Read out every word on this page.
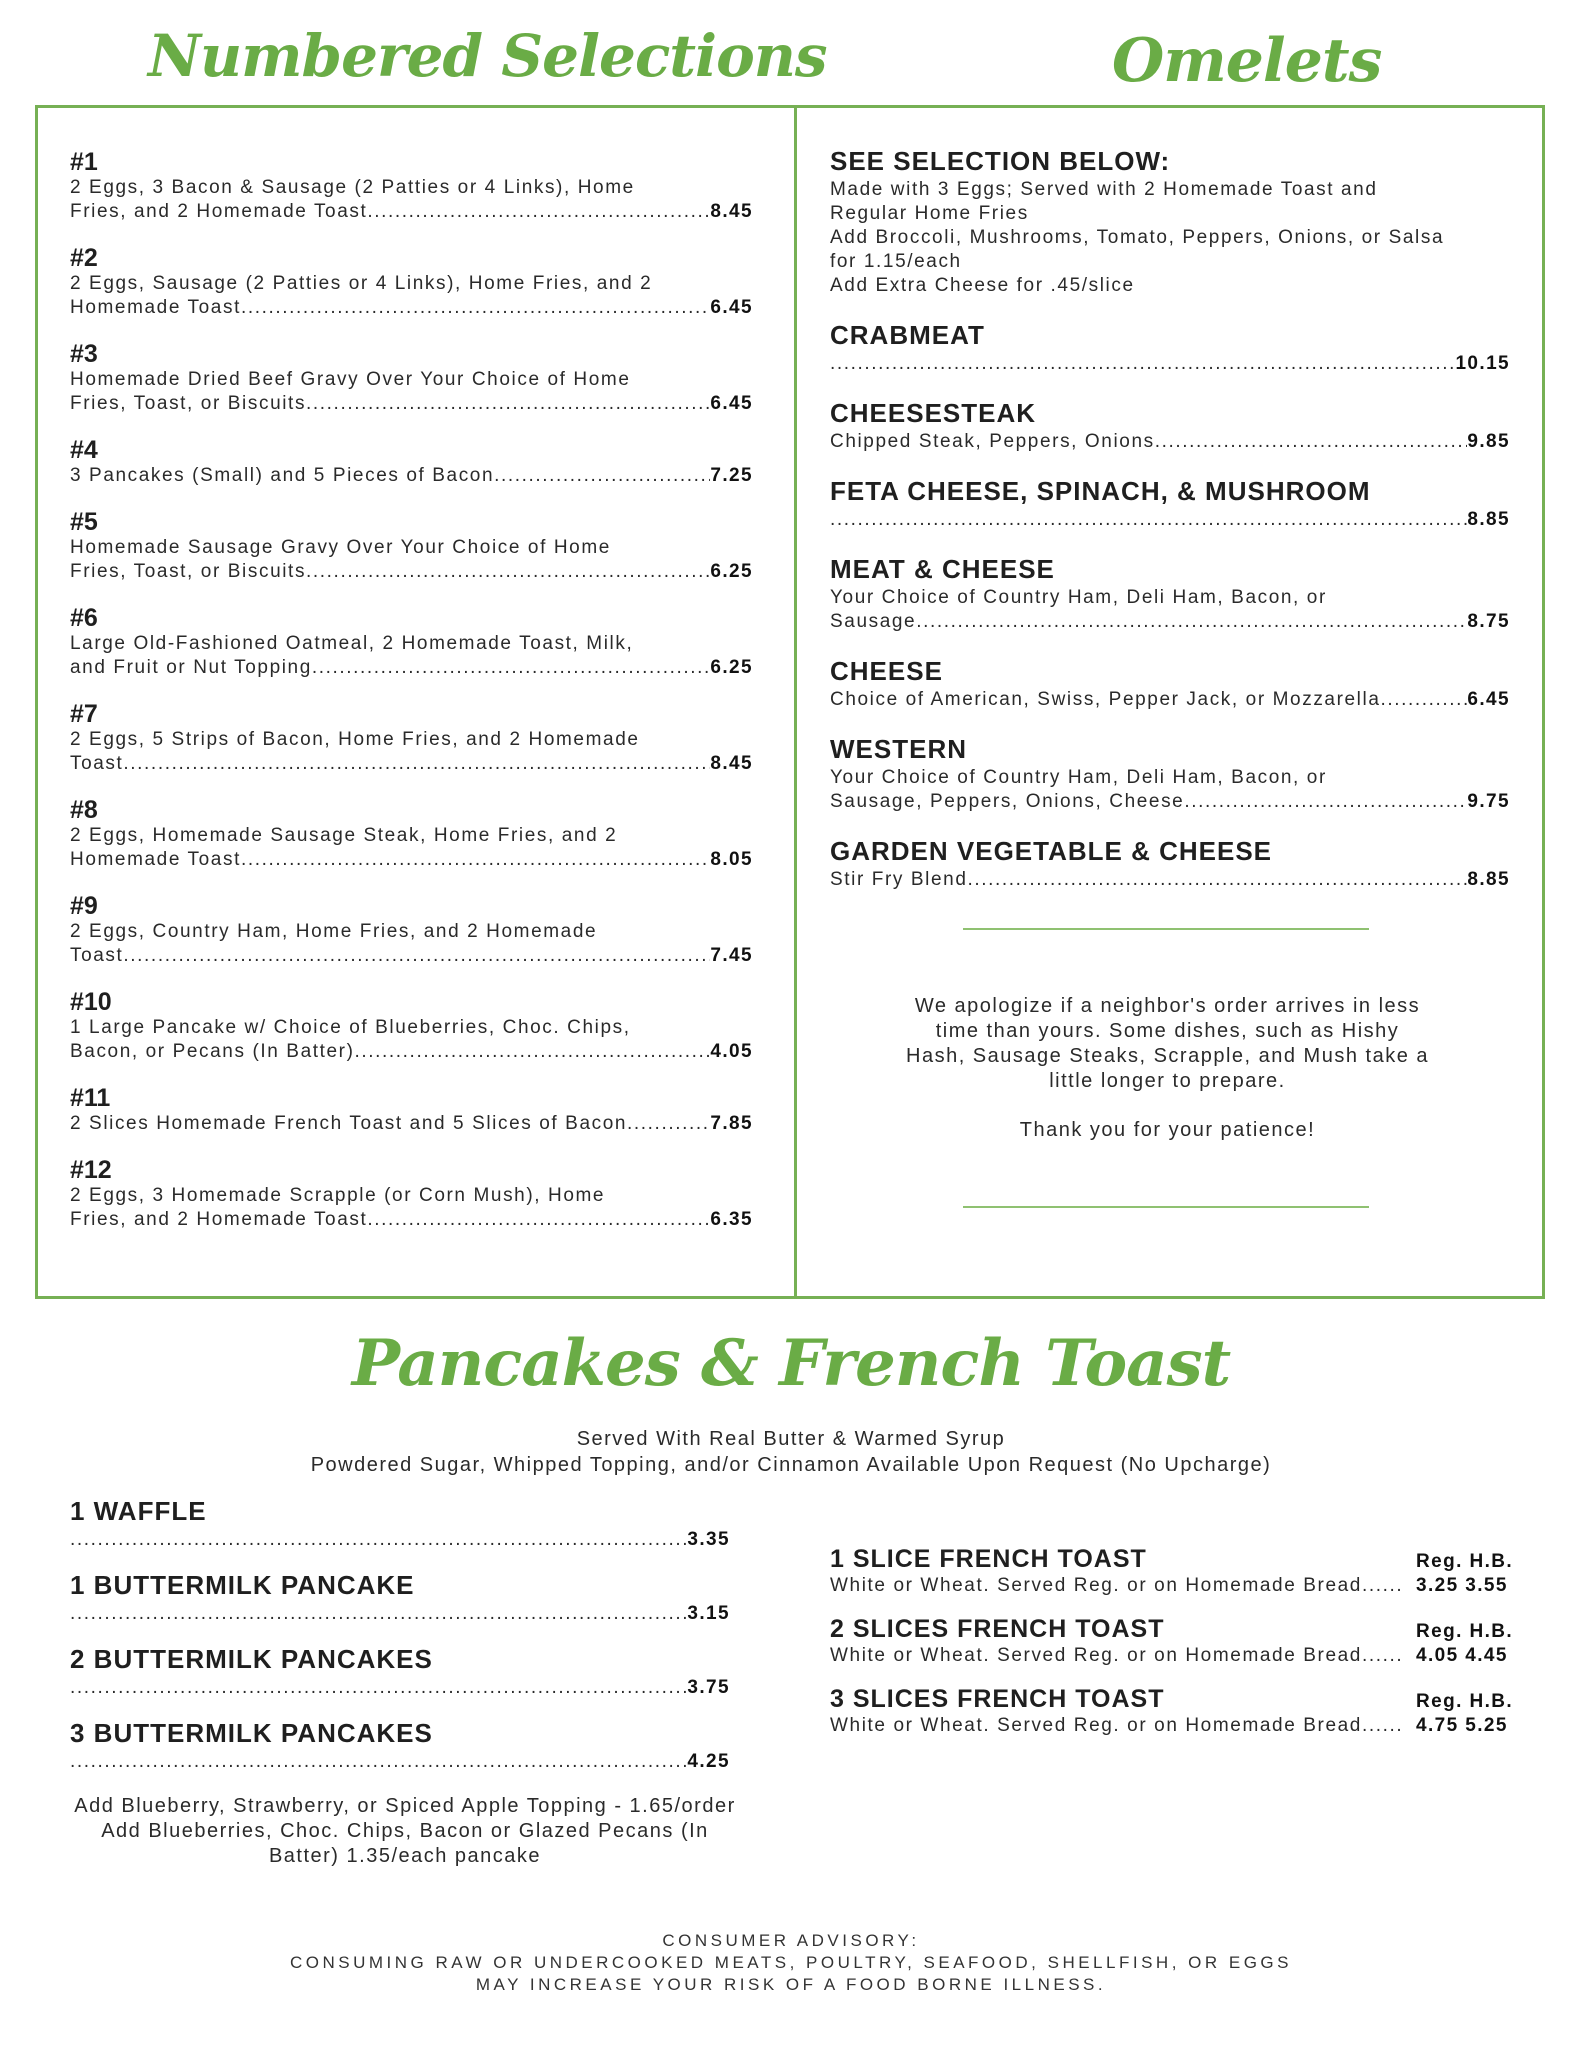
Numbered Selections	Omelets

#1

2 Eggs, 3 Bacon & Sausage (2 Patties or 4 Links), Home

Fries, and 2 Homemade Toast .....	8.45

#2

2 Eggs, Sausage (2 Patties or 4 Links), Home Fries, and 2

Homemade Toast .....	6.45

#3

Homemade Dried Beef Gravy Over Your Choice of Home

Fries, Toast, or Biscuits .....	6.45

#4

3 Pancakes (Small) and 5 Pieces of Bacon .....	7.25

#5

Homemade Sausage Gravy Over Your Choice of Home

Fries, Toast, or Biscuits .....	6.25

#6

Large Old-Fashioned Oatmeal, 2 Homemade Toast, Milk,

and Fruit or Nut Topping .....	6.25

#7

2 Eggs, 5 Strips of Bacon, Home Fries, and 2 Homemade

Toast .....	8.45

#8

2 Eggs, Homemade Sausage Steak, Home Fries, and 2

Homemade Toast .....	8.05

#9

2 Eggs, Country Ham, Home Fries, and 2 Homemade

Toast .....	7.45

#10

1 Large Pancake w/ Choice of Blueberries, Choc. Chips,

Bacon, or Pecans (In Batter) .....	4.05

#11

2 Slices Homemade French Toast and 5 Slices of Bacon .....	7.85

#12

2 Eggs, 3 Homemade Scrapple (or Corn Mush), Home

Fries, and 2 Homemade Toast .....	6.35

SEE SELECTION BELOW:

Made with 3 Eggs; Served with 2 Homemade Toast and

Regular Home Fries

Add Broccoli, Mushrooms, Tomato, Peppers, Onions, or Salsa

for 1.15/each

Add Extra Cheese for .45/slice

CRABMEAT

.....
10.15

CHEESESTEAK

Chipped Steak, Peppers, Onions .....	9.85

FETA CHEESE, SPINACH, & MUSHROOM

.....
8.85

MEAT & CHEESE

Your Choice of Country Ham, Deli Ham, Bacon, or

Sausage .....	8.75

CHEESE

Choice of American, Swiss, Pepper Jack, or Mozzarella .....	6.45

WESTERN

Your Choice of Country Ham, Deli Ham, Bacon, or

Sausage, Peppers, Onions, Cheese .....	9.75

GARDEN VEGETABLE & CHEESE

Stir Fry Blend .....	8.85

We apologize if a neighbor's order arrives in less

time than yours. Some dishes, such as Hishy

Hash, Sausage Steaks, Scrapple, and Mush take a

little longer to prepare.

Thank you for your patience!

Pancakes & French Toast

Served With Real Butter & Warmed Syrup

Powdered Sugar, Whipped Topping, and/or Cinnamon Available Upon Request (No Upcharge)

1 WAFFLE

.....
3.35

1 BUTTERMILK PANCAKE

.....
3.15

2 BUTTERMILK PANCAKES

.....
3.75

3 BUTTERMILK PANCAKES

.....
4.25

1 SLICE FRENCH TOAST

White or Wheat. Served Reg. or on Homemade Bread......

Reg. H.B.
3.25 3.55

2 SLICES FRENCH TOAST

White or Wheat. Served Reg. or on Homemade Bread......

Reg. H.B.
4.05 4.45

3 SLICES FRENCH TOAST

White or Wheat. Served Reg. or on Homemade Bread......

Reg. H.B.
4.75 5.25

Add Blueberry, Strawberry, or Spiced Apple Topping - 1.65/order

Add Blueberries, Choc. Chips, Bacon or Glazed Pecans (In

Batter) 1.35/each pancake

CONSUMER ADVISORY:

CONSUMING RAW OR UNDERCOOKED MEATS, POULTRY, SEAFOOD, SHELLFISH, OR EGGS

MAY INCREASE YOUR RISK OF A FOOD BORNE ILLNESS.
